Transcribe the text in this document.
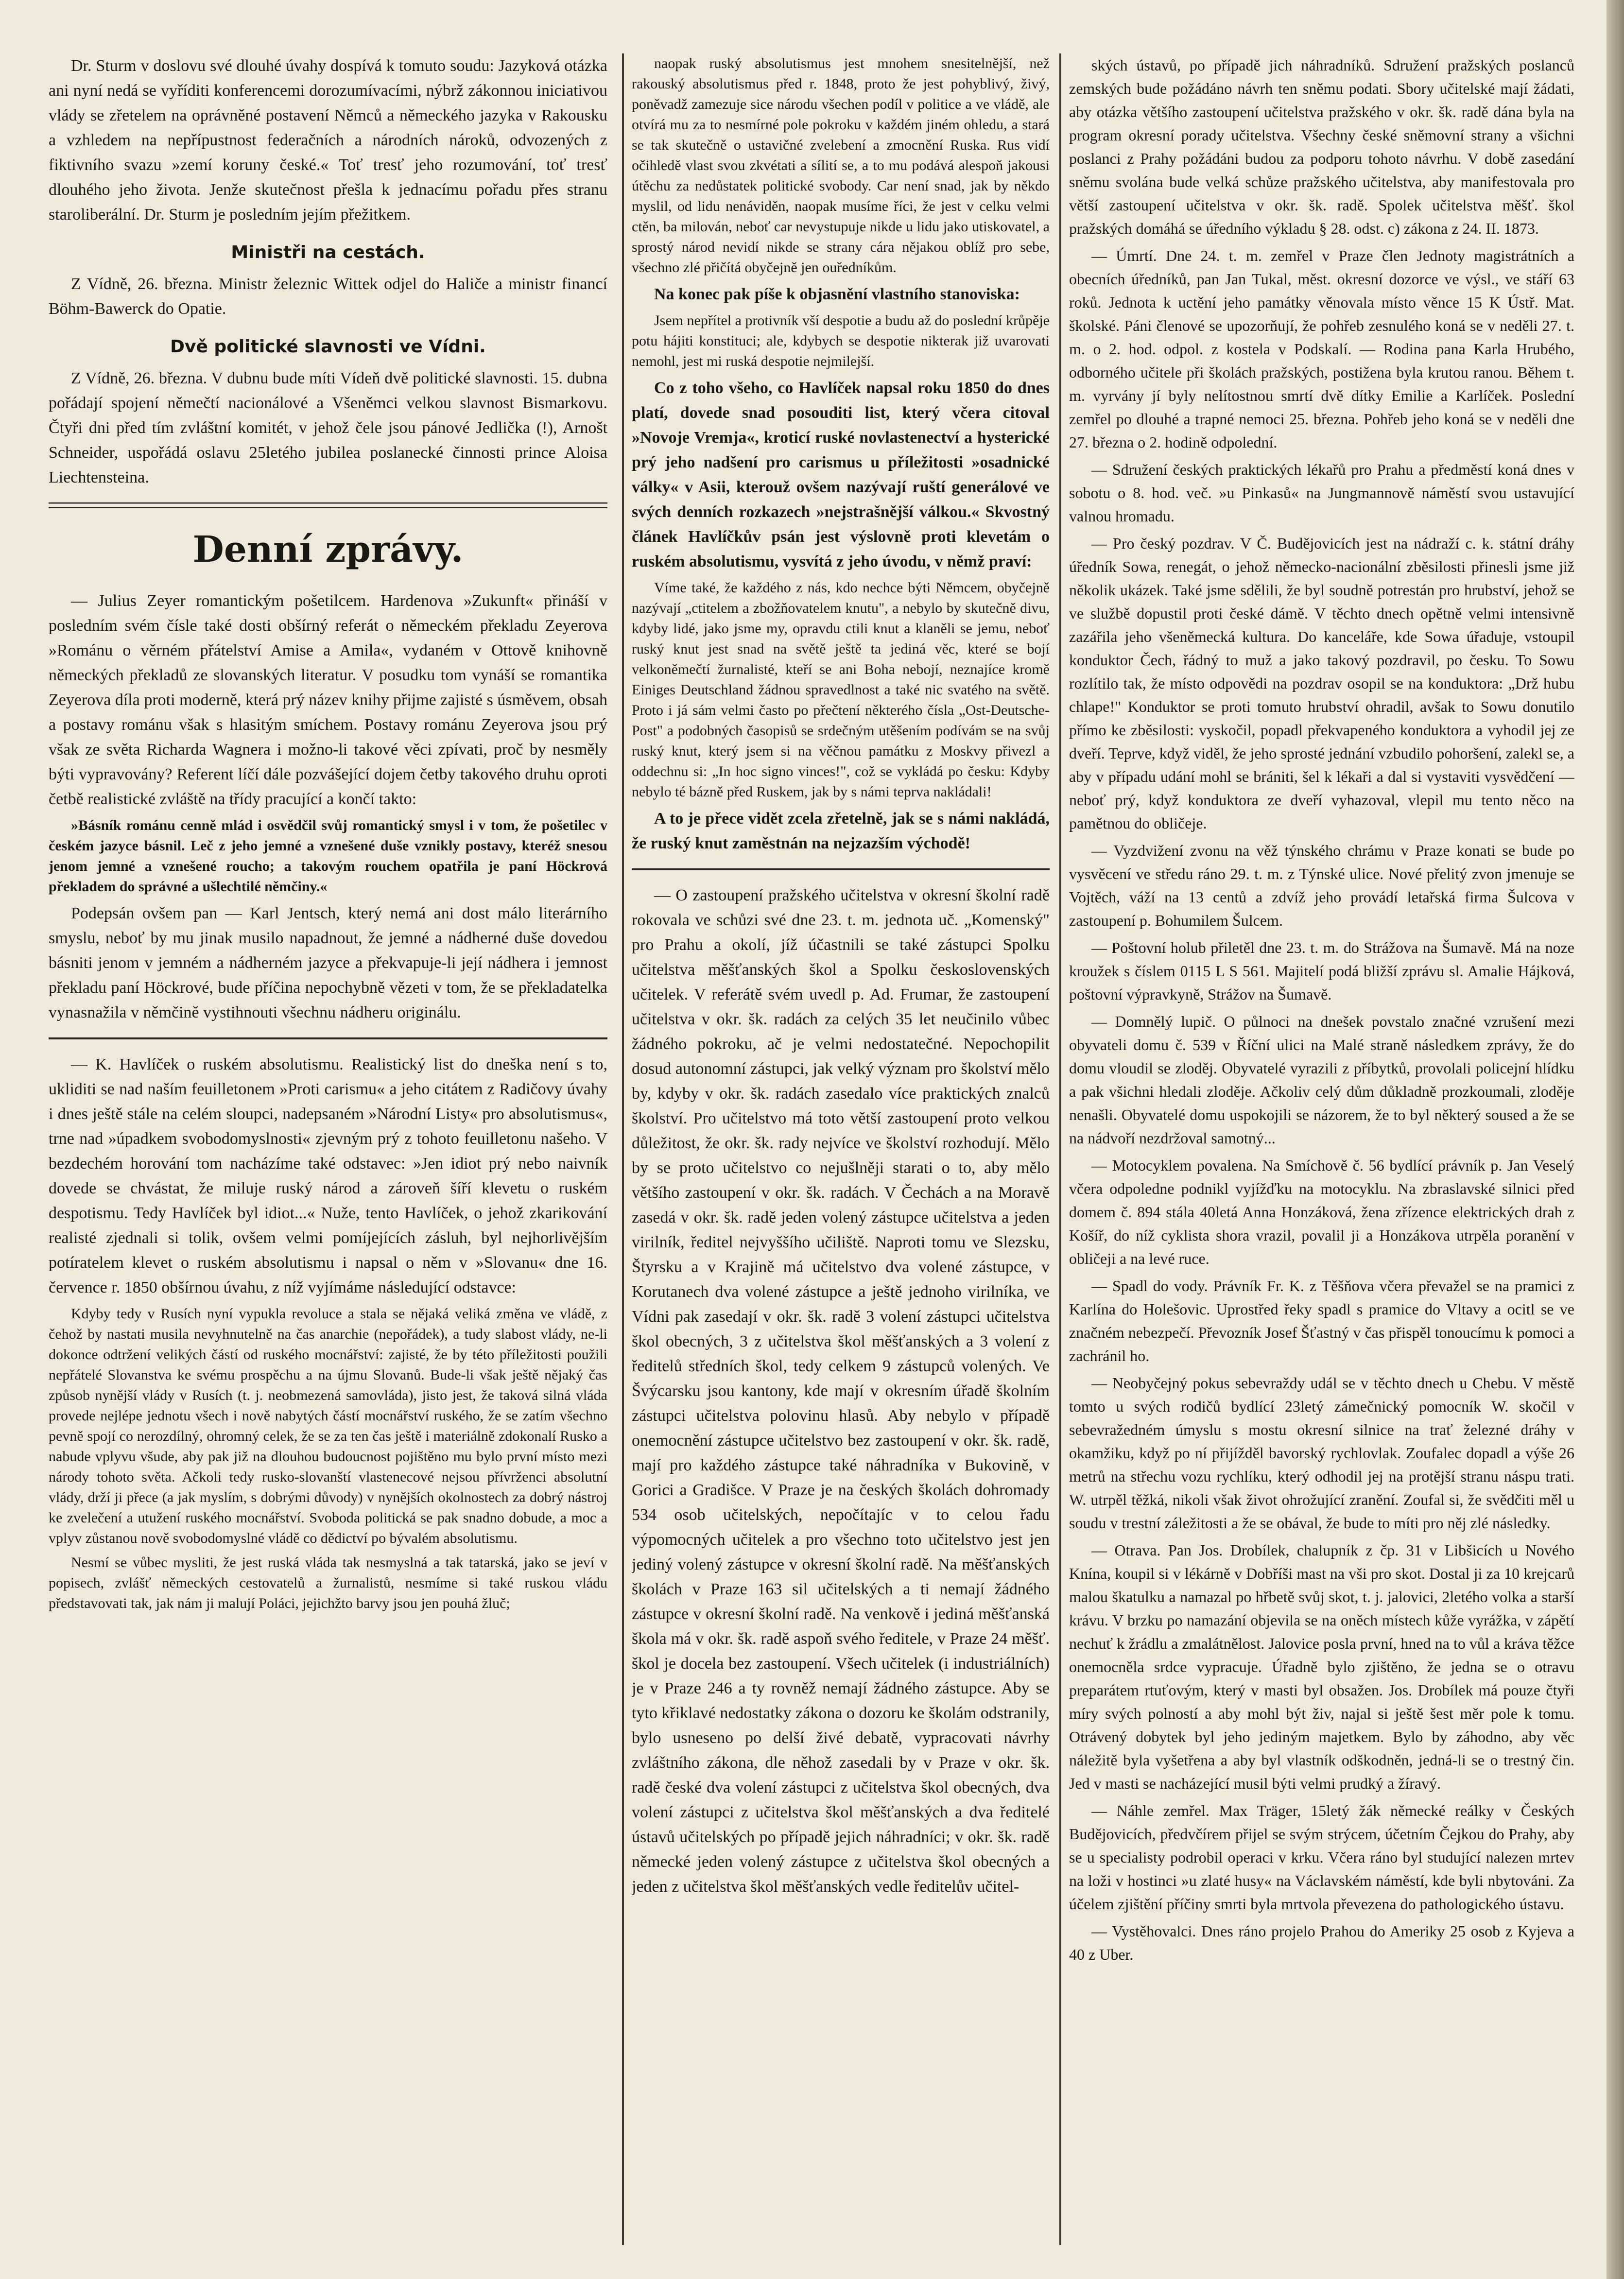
Dr. Sturm v doslovu své dlouhé úvahy dospívá k tomuto soudu: Jazyková otázka ani nyní nedá se vyříditi konferencemi dorozumívacími, nýbrž zákonnou iniciativou vlády se zřetelem na oprávněné postavení Němců a německého jazyka v Rakousku a vzhledem na nepřípustnost federačních a národních nároků, odvozených z fiktivního svazu »zemí koruny české.« Toť tresť jeho rozumování, toť tresť dlouhého jeho života. Jenže skutečnost přešla k jednacímu pořadu přes stranu staroliberální. Dr. Sturm je posledním jejím přežitkem.

Ministři na cestách.

Z Vídně, 26. března. Ministr železnic Wittek odjel do Haliče a ministr financí Böhm-Bawerck do Opatie.

Dvě politické slavnosti ve Vídni.

Z Vídně, 26. března. V dubnu bude míti Vídeň dvě politické slavnosti. 15. dubna pořádají spojení němečtí nacionálové a Všeněmci velkou slavnost Bismarkovu. Čtyři dni před tím zvláštní komitét, v jehož čele jsou pánové Jedlička (!), Arnošt Schneider, uspořádá oslavu 25letého jubilea poslanecké činnosti prince Aloisa Liechtensteina.

Denní zprávy.

— Julius Zeyer romantickým pošetilcem. Hardenova »Zukunft« přináší v posledním svém čísle také dosti obšírný referát o německém překladu Zeyerova »Románu o věrném přátelství Amise a Amila«, vydaném v Ottově knihovně německých překladů ze slovanských literatur. V posudku tom vynáší se romantika Zeyerova díla proti moderně, která prý název knihy přijme zajisté s úsměvem, obsah a postavy románu však s hlasitým smíchem. Postavy románu Zeyerova jsou prý však ze světa Richarda Wagnera i možno-li takové věci zpívati, proč by nesměly býti vypravovány? Referent líčí dále pozvášející dojem četby takového druhu oproti četbě realistické zvláště na třídy pracující a končí takto:

»Básník románu cenně mlád i osvědčil svůj romantický smysl i v tom, že pošetilec v českém jazyce básnil. Leč z jeho jemné a vznešené duše vznikly postavy, kteréž snesou jenom jemné a vznešené roucho; a takovým rouchem opatřila je paní Höckrová překladem do správné a ušlechtilé němčiny.«

Podepsán ovšem pan — Karl Jentsch, který nemá ani dost málo literárního smyslu, neboť by mu jinak musilo napadnout, že jemné a nádherné duše dovedou básniti jenom v jemném a nádherném jazyce a překvapuje-li její nádhera i jemnost překladu paní Höckrové, bude příčina nepochybně vězeti v tom, že se překladatelka vynasnažila v němčině vystihnouti všechnu nádheru originálu.

— K. Havlíček o ruském absolutismu. Realistický list do dneška není s to, ukliditi se nad naším feuilletonem »Proti carismu« a jeho citátem z Radičovy úvahy i dnes ještě stále na celém sloupci, nadepsaném »Národní Listy« pro absolutismus«, trne nad »úpadkem svobodomyslnosti« zjevným prý z tohoto feuilletonu našeho. V bezdechém horování tom nacházíme také odstavec: »Jen idiot prý nebo naivník dovede se chvástat, že miluje ruský národ a zároveň šíří klevetu o ruském despotismu. Tedy Havlíček byl idiot...« Nuže, tento Havlíček, o jehož zkarikování realisté zjednali si tolik, ovšem velmi pomíjejících zásluh, byl nejhorlivějším potíratelem klevet o ruském absolutismu i napsal o něm v »Slovanu« dne 16. července r. 1850 obšírnou úvahu, z níž vyjímáme následující odstavce:

Kdyby tedy v Rusích nyní vypukla revoluce a stala se nějaká veliká změna ve vládě, z čehož by nastati musila nevyhnutelně na čas anarchie (nepořádek), a tudy slabost vlády, ne-li dokonce odtržení velikých částí od ruského mocnářství: zajisté, že by této příležitosti použili nepřátelé Slovanstva ke svému prospěchu a na újmu Slovanů. Bude-li však ještě nějaký čas způsob nynější vlády v Rusích (t. j. neobmezená samovláda), jisto jest, že taková silná vláda provede nejlépe jednotu všech i nově nabytých částí mocnářství ruského, že se zatím všechno pevně spojí co nerozdílný, ohromný celek, že se za ten čas ještě i materiálně zdokonalí Rusko a nabude vplyvu všude, aby pak již na dlouhou budoucnost pojištěno mu bylo první místo mezi národy tohoto světa. Ačkoli tedy rusko-slovanští vlastenecové nejsou přívrženci absolutní vlády, drží ji přece (a jak myslím, s dobrými důvody) v nynějších okolnostech za dobrý nástroj ke zvelečení a utužení ruského mocnářství. Svoboda politická se pak snadno dobude, a moc a vplyv zůstanou nově svobodomyslné vládě co dědictví po bývalém absolutismu.

Nesmí se vůbec mysliti, že jest ruská vláda tak nesmyslná a tak tatarská, jako se jeví v popisech, zvlášť německých cestovatelů a žurnalistů, nesmíme si také ruskou vládu představovati tak, jak nám ji malují Poláci, jejichžto barvy jsou jen pouhá žluč;

naopak ruský absolutismus jest mnohem snesitelnější, než rakouský absolutismus před r. 1848, proto že jest pohyblivý, živý, poněvadž zamezuje sice národu všechen podíl v politice a ve vládě, ale otvírá mu za to nesmírné pole pokroku v každém jiném ohledu, a stará se tak skutečně o ustavičné zvelebení a zmocnění Ruska. Rus vidí očihledě vlast svou zkvétati a sílití se, a to mu podává alespoň jakousi útěchu za nedůstatek politické svobody. Car není snad, jak by někdo myslil, od lidu nenáviděn, naopak musíme říci, že jest v celku velmi ctěn, ba milován, neboť car nevystupuje nikde u lidu jako utiskovatel, a sprostý národ nevidí nikde se strany cára nějakou oblíž pro sebe, všechno zlé přičítá obyčejně jen ouředníkům.

Na konec pak píše k objasnění vlastního stanoviska:

Jsem nepřítel a protivník vší despotie a budu až do poslední krůpěje potu hájiti konstituci; ale, kdybych se despotie nikterak již uvarovati nemohl, jest mi ruská despotie nejmilejší.

Co z toho všeho, co Havlíček napsal roku 1850 do dnes platí, dovede snad posouditi list, který včera citoval »Novoje Vremja«, kroticí ruské novlastenectví a hysterické prý jeho nadšení pro carismus u příležitosti »osadnické války« v Asii, kterouž ovšem nazývají ruští generálové ve svých denních rozkazech »nejstrašnější válkou.« Skvostný článek Havlíčkův psán jest výslovně proti klevetám o ruském absolutismu, vysvítá z jeho úvodu, v němž praví:

Víme také, že každého z nás, kdo nechce býti Němcem, obyčejně nazývají „ctitelem a zbožňovatelem knutu", a nebylo by skutečně divu, kdyby lidé, jako jsme my, opravdu ctili knut a klaněli se jemu, neboť ruský knut jest snad na světě ještě ta jediná věc, které se bojí velkoněmečtí žurnalisté, kteří se ani Boha nebojí, neznajíce kromě Einiges Deutschland žádnou spravedlnost a také nic svatého na světě. Proto i já sám velmi často po přečtení některého čísla „Ost-Deutsche-Post" a podobných časopisů se srdečným utěšením podívám se na svůj ruský knut, který jsem si na věčnou památku z Moskvy přivezl a oddechnu si: „In hoc signo vinces!", což se vykládá po česku: Kdyby nebylo té bázně před Ruskem, jak by s námi teprva nakládali!

A to je přece vidět zcela zřetelně, jak se s námi nakládá, že ruský knut zaměstnán na nejzazším východě!

— O zastoupení pražského učitelstva v okresní školní radě rokovala ve schůzi své dne 23. t. m. jednota uč. „Komenský" pro Prahu a okolí, jíž účastnili se také zástupci Spolku učitelstva měšťanských škol a Spolku československých učitelek. V referátě svém uvedl p. Ad. Frumar, že zastoupení učitelstva v okr. šk. radách za celých 35 let neučinilo vůbec žádného pokroku, ač je velmi nedostatečné. Nepochopilit dosud autonomní zástupci, jak velký význam pro školství mělo by, kdyby v okr. šk. radách zasedalo více praktických znalců školství. Pro učitelstvo má toto větší zastoupení proto velkou důležitost, že okr. šk. rady nejvíce ve školství rozhodují. Mělo by se proto učitelstvo co nejušlněji starati o to, aby mělo většího zastoupení v okr. šk. radách. V Čechách a na Moravě zasedá v okr. šk. radě jeden volený zástupce učitelstva a jeden virilník, ředitel nejvyššího učiliště. Naproti tomu ve Slezsku, Štyrsku a v Krajině má učitelstvo dva volené zástupce, v Korutanech dva volené zástupce a ještě jednoho virilníka, ve Vídni pak zasedají v okr. šk. radě 3 volení zástupci učitelstva škol obecných, 3 z učitelstva škol měšťanských a 3 volení z ředitelů středních škol, tedy celkem 9 zástupců volených. Ve Švýcarsku jsou kantony, kde mají v okresním úřadě školním zástupci učitelstva polovinu hlasů. Aby nebylo v případě onemocnění zástupce učitelstvo bez zastoupení v okr. šk. radě, mají pro každého zástupce také náhradníka v Bukovině, v Gorici a Gradišce. V Praze je na českých školách dohromady 534 osob učitelských, nepočítajíc v to celou řadu výpomocných učitelek a pro všechno toto učitelstvo jest jen jediný volený zástupce v okresní školní radě. Na měšťanských školách v Praze 163 sil učitelských a ti nemají žádného zástupce v okresní školní radě. Na venkově i jediná měšťanská škola má v okr. šk. radě aspoň svého ředitele, v Praze 24 měšť. škol je docela bez zastoupení. Všech učitelek (i industriálních) je v Praze 246 a ty rovněž nemají žádného zástupce. Aby se tyto křiklavé nedostatky zákona o dozoru ke školám odstranily, bylo usneseno po delší živé debatě, vypracovati návrhy zvláštního zákona, dle něhož zasedali by v Praze v okr. šk. radě české dva volení zástupci z učitelstva škol obecných, dva volení zástupci z učitelstva škol měšťanských a dva ředitelé ústavů učitelských po případě jejich náhradníci; v okr. šk. radě německé jeden volený zástupce z učitelstva škol obecných a jeden z učitelstva škol měšťanských vedle ředitelův učitel-

ských ústavů, po případě jich náhradníků. Sdružení pražských poslanců zemských bude požádáno návrh ten sněmu podati. Sbory učitelské mají žádati, aby otázka většího zastoupení učitelstva pražského v okr. šk. radě dána byla na program okresní porady učitelstva. Všechny české sněmovní strany a všichni poslanci z Prahy požádáni budou za podporu tohoto návrhu. V době zasedání sněmu svolána bude velká schůze pražského učitelstva, aby manifestovala pro větší zastoupení učitelstva v okr. šk. radě. Spolek učitelstva měšť. škol pražských domáhá se úředního výkladu § 28. odst. c) zákona z 24. II. 1873.

— Úmrtí. Dne 24. t. m. zemřel v Praze člen Jednoty magistrátních a obecních úředníků, pan Jan Tukal, měst. okresní dozorce ve výsl., ve stáří 63 roků. Jednota k uctění jeho památky věnovala místo věnce 15 K Ústř. Mat. školské. Páni členové se upozorňují, že pohřeb zesnulého koná se v neděli 27. t. m. o 2. hod. odpol. z kostela v Podskalí. — Rodina pana Karla Hrubého, odborného učitele při školách pražských, postižena byla krutou ranou. Během t. m. vyrvány jí byly nelítostnou smrtí dvě dítky Emilie a Karlíček. Poslední zemřel po dlouhé a trapné nemoci 25. března. Pohřeb jeho koná se v neděli dne 27. března o 2. hodině odpolední.

— Sdružení českých praktických lékařů pro Prahu a předměstí koná dnes v sobotu o 8. hod. več. »u Pinkasů« na Jungmannově náměstí svou ustavující valnou hromadu.

— Pro český pozdrav. V Č. Budějovicích jest na nádraží c. k. státní dráhy úředník Sowa, renegát, o jehož německo-nacionální zběsilosti přinesli jsme již několik ukázek. Také jsme sdělili, že byl soudně potrestán pro hrubství, jehož se ve službě dopustil proti české dámě. V těchto dnech opětně velmi intensivně zazářila jeho všeněmecká kultura. Do kanceláře, kde Sowa úřaduje, vstoupil konduktor Čech, řádný to muž a jako takový pozdravil, po česku. To Sowu rozlítilo tak, že místo odpovědi na pozdrav osopil se na konduktora: „Drž hubu chlape!" Konduktor se proti tomuto hrubství ohradil, avšak to Sowu donutilo přímo ke zběsilosti: vyskočil, popadl překvapeného konduktora a vyhodil jej ze dveří. Teprve, když viděl, že jeho sprosté jednání vzbudilo pohoršení, zalekl se, a aby v případu udání mohl se brániti, šel k lékaři a dal si vystaviti vysvědčení — neboť prý, když konduktora ze dveří vyhazoval, vlepil mu tento něco na pamětnou do obličeje.

— Vyzdvižení zvonu na věž týnského chrámu v Praze konati se bude po vysvěcení ve středu ráno 29. t. m. z Týnské ulice. Nové přelitý zvon jmenuje se Vojtěch, váží na 13 centů a zdvíž jeho provádí letařská firma Šulcova v zastoupení p. Bohumilem Šulcem.

— Poštovní holub přiletěl dne 23. t. m. do Strážova na Šumavě. Má na noze kroužek s číslem 0115 L S 561. Majitelí podá bližší zprávu sl. Amalie Hájková, poštovní výpravkyně, Strážov na Šumavě.

— Domnělý lupič. O půlnoci na dnešek povstalo značné vzrušení mezi obyvateli domu č. 539 v Říční ulici na Malé straně následkem zprávy, že do domu vloudil se zloděj. Obyvatelé vyrazili z příbytků, provolali policejní hlídku a pak všichni hledali zloděje. Ačkoliv celý dům důkladně prozkoumali, zloděje nenašli. Obyvatelé domu uspokojili se názorem, že to byl některý soused a že se na nádvoří nezdržoval samotný...

— Motocyklem povalena. Na Smíchově č. 56 bydlící právník p. Jan Veselý včera odpoledne podnikl vyjížďku na motocyklu. Na zbraslavské silnici před domem č. 894 stála 40letá Anna Honzáková, žena zřízence elektrických drah z Košíř, do níž cyklista shora vrazil, povalil ji a Honzákova utrpěla poranění v obličeji a na levé ruce.

— Spadl do vody. Právník Fr. K. z Těšňova včera převažel se na pramici z Karlína do Holešovic. Uprostřed řeky spadl s pramice do Vltavy a ocitl se ve značném nebezpečí. Převozník Josef Šťastný v čas přispěl tonoucímu k pomoci a zachránil ho.

— Neobyčejný pokus sebevraždy udál se v těchto dnech u Chebu. V městě tomto u svých rodičů bydlící 23letý zámečnický pomocník W. skočil v sebevražedném úmyslu s mostu okresní silnice na trať železné dráhy v okamžiku, když po ní přijížděl bavorský rychlovlak. Zoufalec dopadl a výše 26 metrů na střechu vozu rychlíku, který odhodil jej na protější stranu náspu trati. W. utrpěl těžká, nikoli však život ohrožující zranění. Zoufal si, že svědčiti měl u soudu v trestní záležitosti a že se obával, že bude to míti pro něj zlé následky.

— Otrava. Pan Jos. Drobílek, chalupník z čp. 31 v Libšicích u Nového Knína, koupil si v lékárně v Dobříši mast na vši pro skot. Dostal ji za 10 krejcarů malou škatulku a namazal po hřbetě svůj skot, t. j. jalovici, 2letého volka a starší krávu. V brzku po namazání objevila se na oněch místech kůže vyrážka, v zápětí nechuť k žrádlu a zmalátnělost. Jalovice posla první, hned na to vůl a kráva těžce onemocněla srdce vypracuje. Úřadně bylo zjištěno, že jedna se o otravu preparátem rtuťovým, který v masti byl obsažen. Jos. Drobílek má pouze čtyři míry svých polností a aby mohl být živ, najal si ještě šest měr pole k tomu. Otrávený dobytek byl jeho jediným majetkem. Bylo by záhodno, aby věc náležitě byla vyšetřena a aby byl vlastník odškodněn, jedná-li se o trestný čin. Jed v masti se nacházející musil býti velmi prudký a žíravý.

— Náhle zemřel. Max Träger, 15letý žák německé reálky v Českých Budějovicích, předvčírem přijel se svým strýcem, účetním Čejkou do Prahy, aby se u specialisty podrobil operaci v krku. Včera ráno byl studující nalezen mrtev na loži v hostinci »u zlaté husy« na Václavském náměstí, kde byli nbytováni. Za účelem zjištění příčiny smrti byla mrtvola převezena do pathologického ústavu.

— Vystěhovalci. Dnes ráno projelo Prahou do Ameriky 25 osob z Kyjeva a 40 z Uber.
